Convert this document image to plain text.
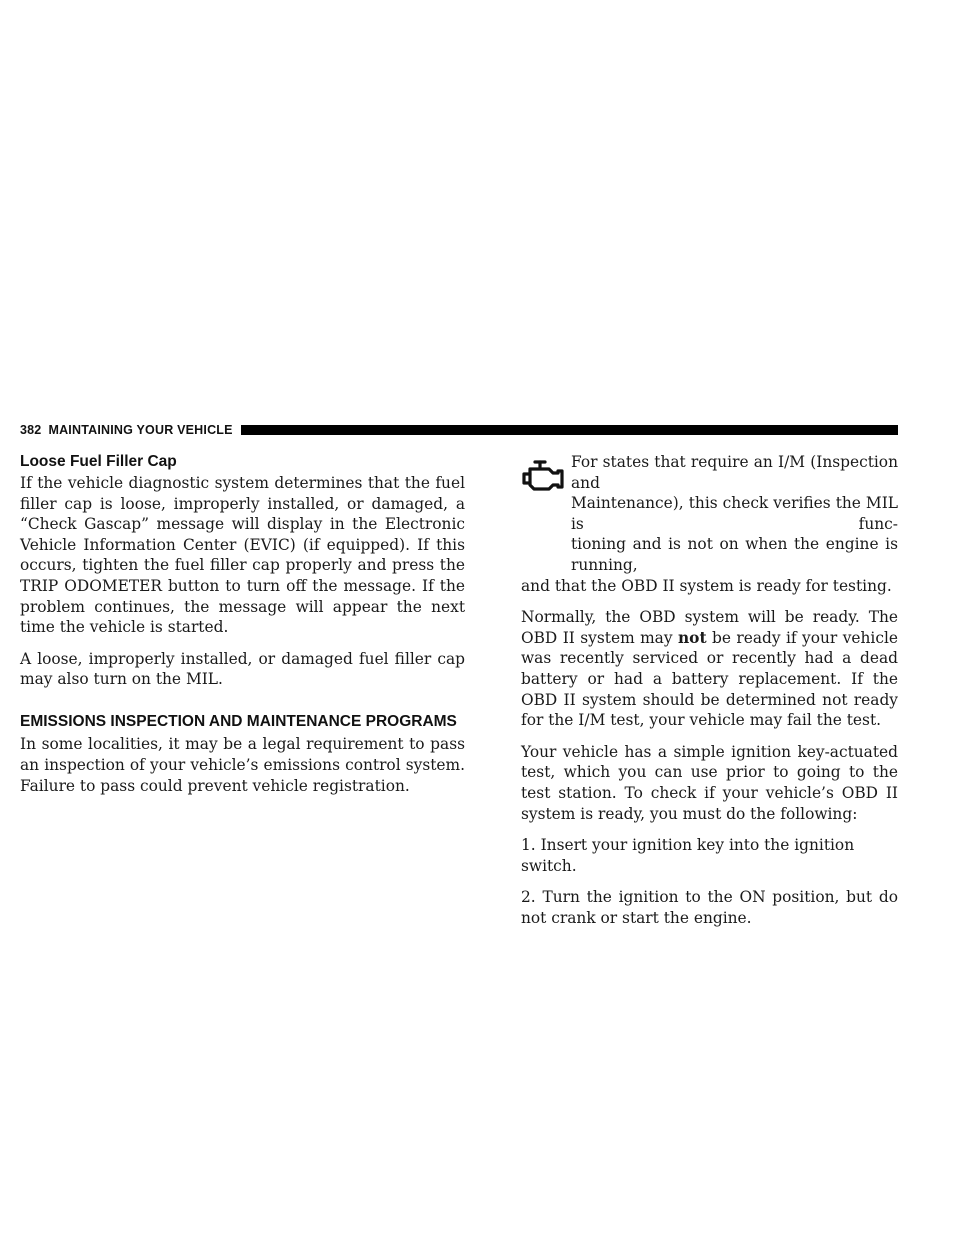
382 MAINTAINING YOUR VEHICLE
Loose Fuel Filler Cap

If the vehicle diagnostic system determines that the fuel filler cap is loose, improperly installed, or damaged, a “Check Gascap” message will display in the Electronic Vehicle Information Center (EVIC) (if equipped). If this occurs, tighten the fuel filler cap properly and press the TRIP ODOMETER button to turn off the message. If the problem continues, the message will appear the next time the vehicle is started.

A loose, improperly installed, or damaged fuel filler cap may also turn on the MIL.

EMISSIONS INSPECTION AND MAINTENANCE PROGRAMS

In some localities, it may be a legal requirement to pass an inspection of your vehicle’s emissions control system. Failure to pass could prevent vehicle registration.

For states that require an I/M (Inspection and
Maintenance), this check verifies the MIL is func-
tioning and is not on when the engine is running,
and that the OBD II system is ready for testing.

Normally, the OBD system will be ready. The OBD II system may not be ready if your vehicle was recently serviced or recently had a dead battery or had a battery replacement. If the OBD II system should be determined not ready for the I/M test, your vehicle may fail the test.

Your vehicle has a simple ignition key-actuated test, which you can use prior to going to the test station. To check if your vehicle’s OBD II system is ready, you must do the following:

1. Insert your ignition key into the ignition switch.

2. Turn the ignition to the ON position, but do not crank or start the engine.
